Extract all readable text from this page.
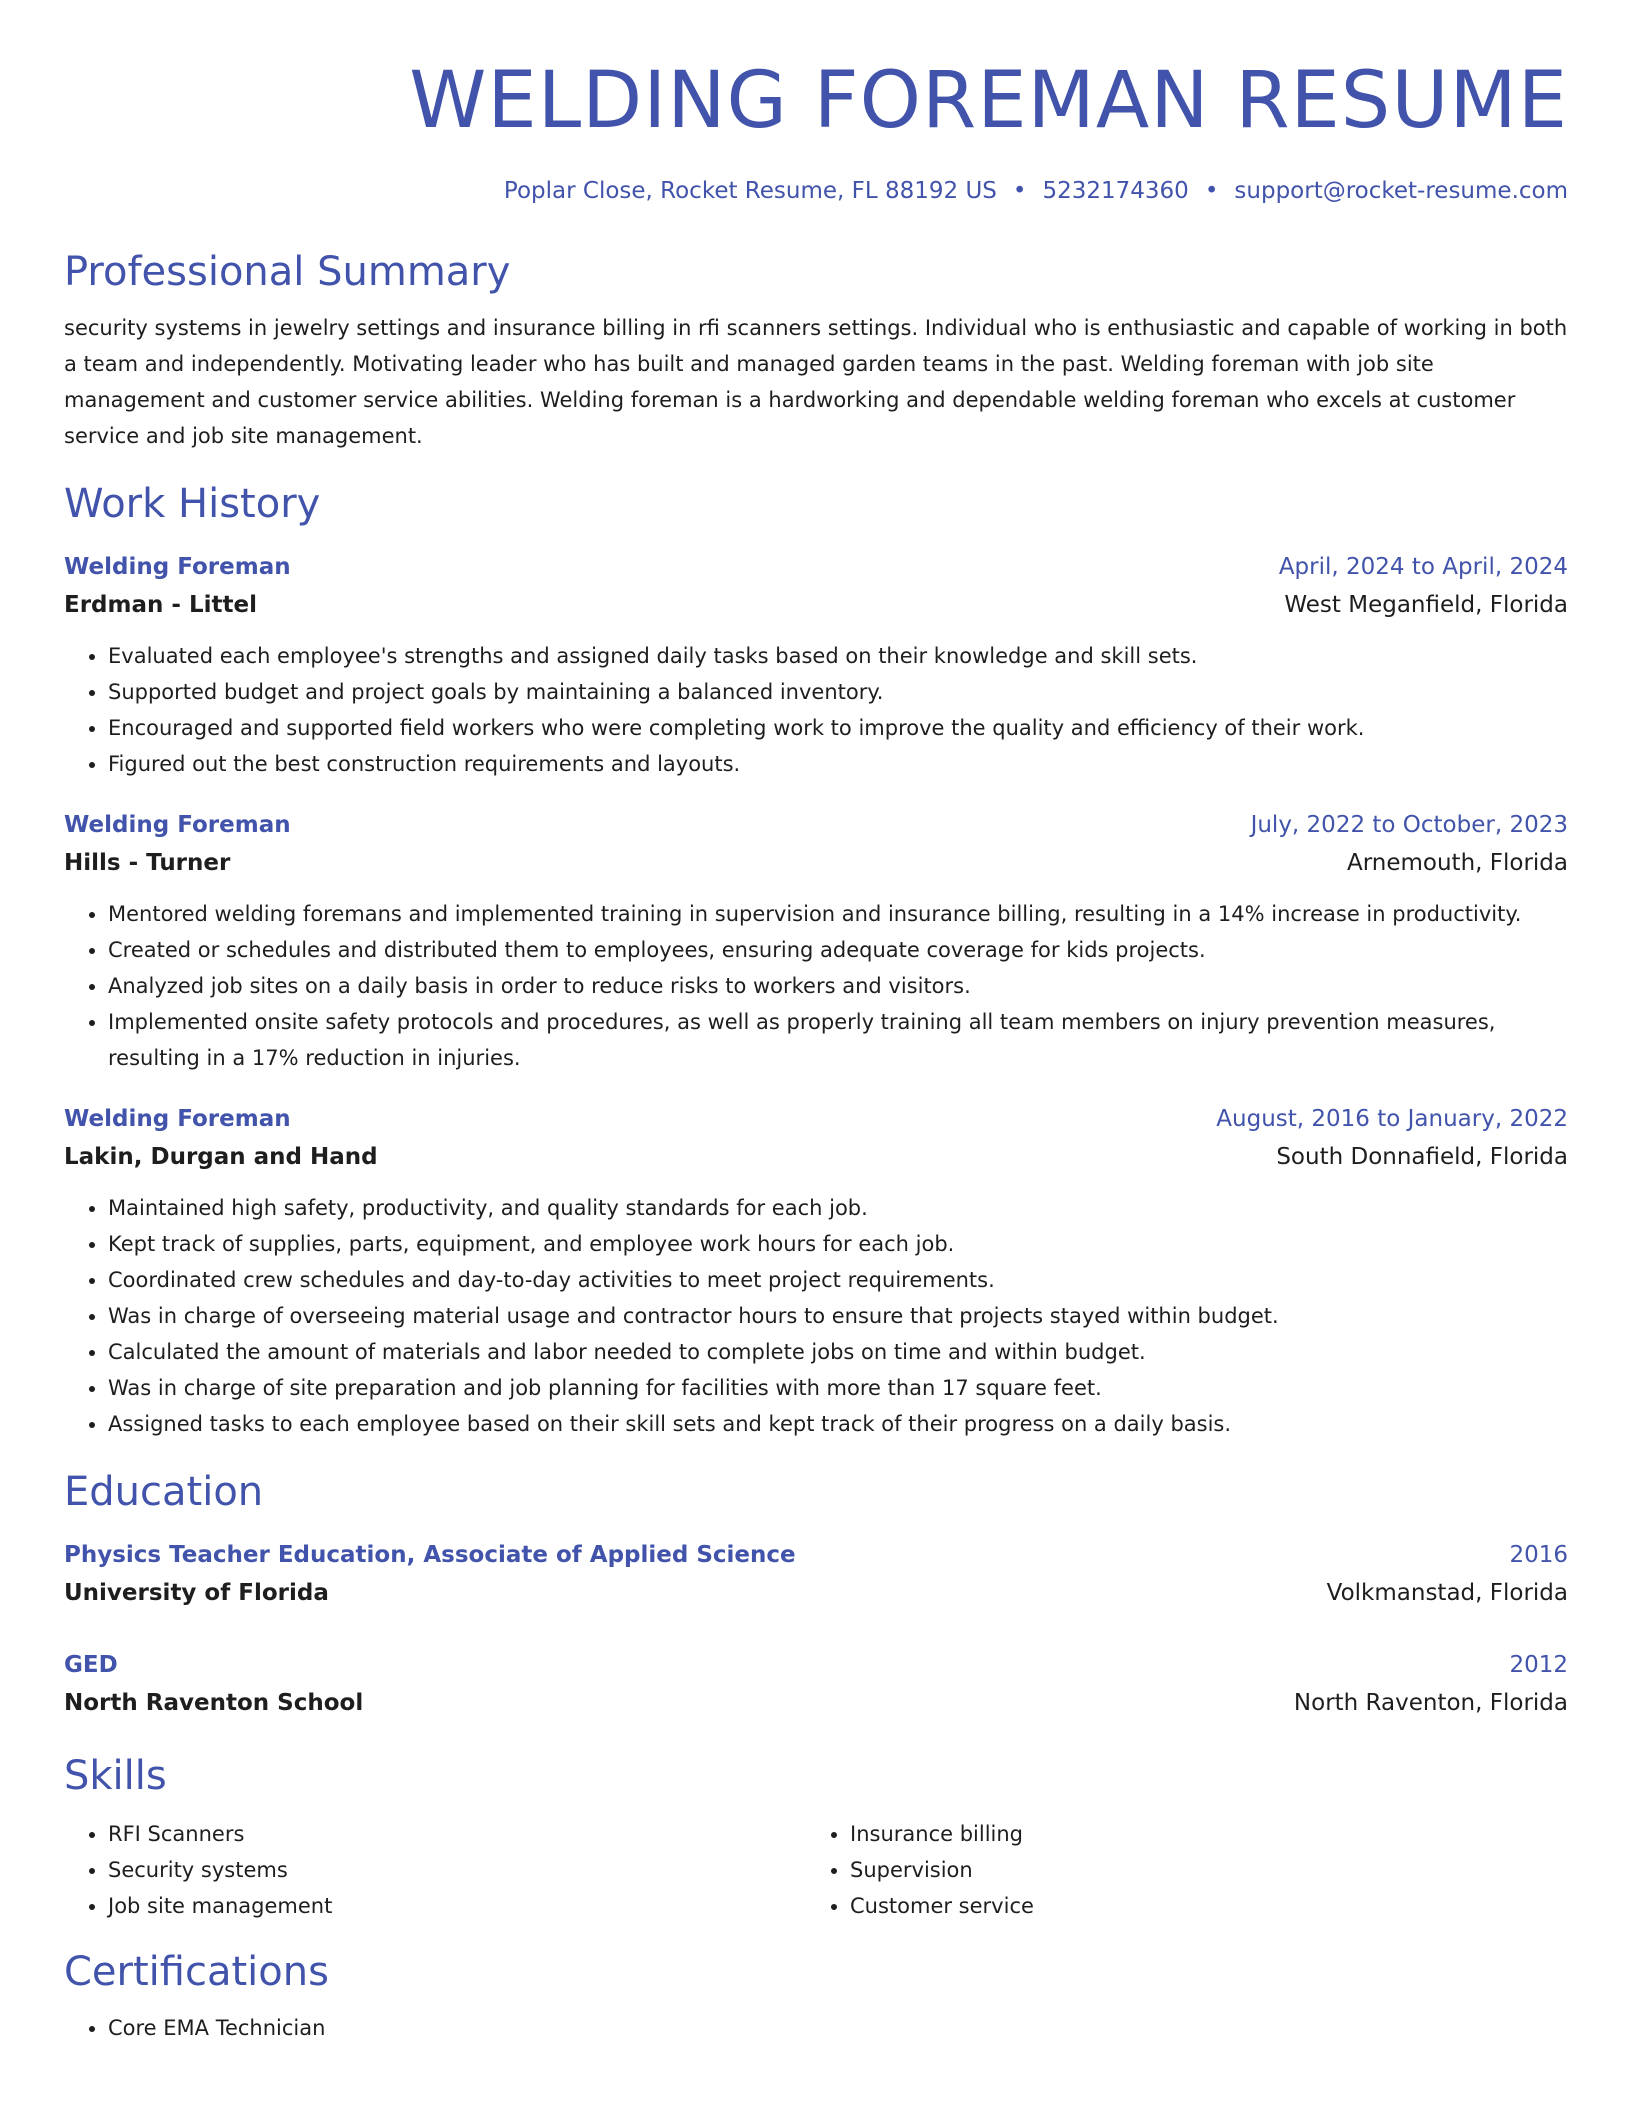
WELDING FOREMAN RESUME
Poplar Close, Rocket Resume, FL 88192 US • 5232174360 • support@rocket-resume.com
Professional Summary
security systems in jewelry settings and insurance billing in rfi scanners settings. Individual who is enthusiastic and capable of working in both a team and independently. Motivating leader who has built and managed garden teams in the past. Welding foreman with job site management and customer service abilities. Welding foreman is a hardworking and dependable welding foreman who excels at customer service and job site management.
Work History
Welding Foreman	April, 2024 to April, 2024
Erdman - Littel	West Meganfield, Florida
• Evaluated each employee's strengths and assigned daily tasks based on their knowledge and skill sets.
• Supported budget and project goals by maintaining a balanced inventory.
• Encouraged and supported field workers who were completing work to improve the quality and efficiency of their work.
• Figured out the best construction requirements and layouts.
Welding Foreman	July, 2022 to October, 2023
Hills - Turner	Arnemouth, Florida
• Mentored welding foremans and implemented training in supervision and insurance billing, resulting in a 14% increase in productivity.
• Created or schedules and distributed them to employees, ensuring adequate coverage for kids projects.
• Analyzed job sites on a daily basis in order to reduce risks to workers and visitors.
• Implemented onsite safety protocols and procedures, as well as properly training all team members on injury prevention measures, resulting in a 17% reduction in injuries.
Welding Foreman	August, 2016 to January, 2022
Lakin, Durgan and Hand	South Donnafield, Florida
• Maintained high safety, productivity, and quality standards for each job.
• Kept track of supplies, parts, equipment, and employee work hours for each job.
• Coordinated crew schedules and day-to-day activities to meet project requirements.
• Was in charge of overseeing material usage and contractor hours to ensure that projects stayed within budget.
• Calculated the amount of materials and labor needed to complete jobs on time and within budget.
• Was in charge of site preparation and job planning for facilities with more than 17 square feet.
• Assigned tasks to each employee based on their skill sets and kept track of their progress on a daily basis.
Education
Physics Teacher Education, Associate of Applied Science	2016
University of Florida	Volkmanstad, Florida
GED	2012
North Raventon School	North Raventon, Florida
Skills
• RFI Scanners
• Security systems
• Job site management
• Insurance billing
• Supervision
• Customer service
Certifications
• Core EMA Technician
